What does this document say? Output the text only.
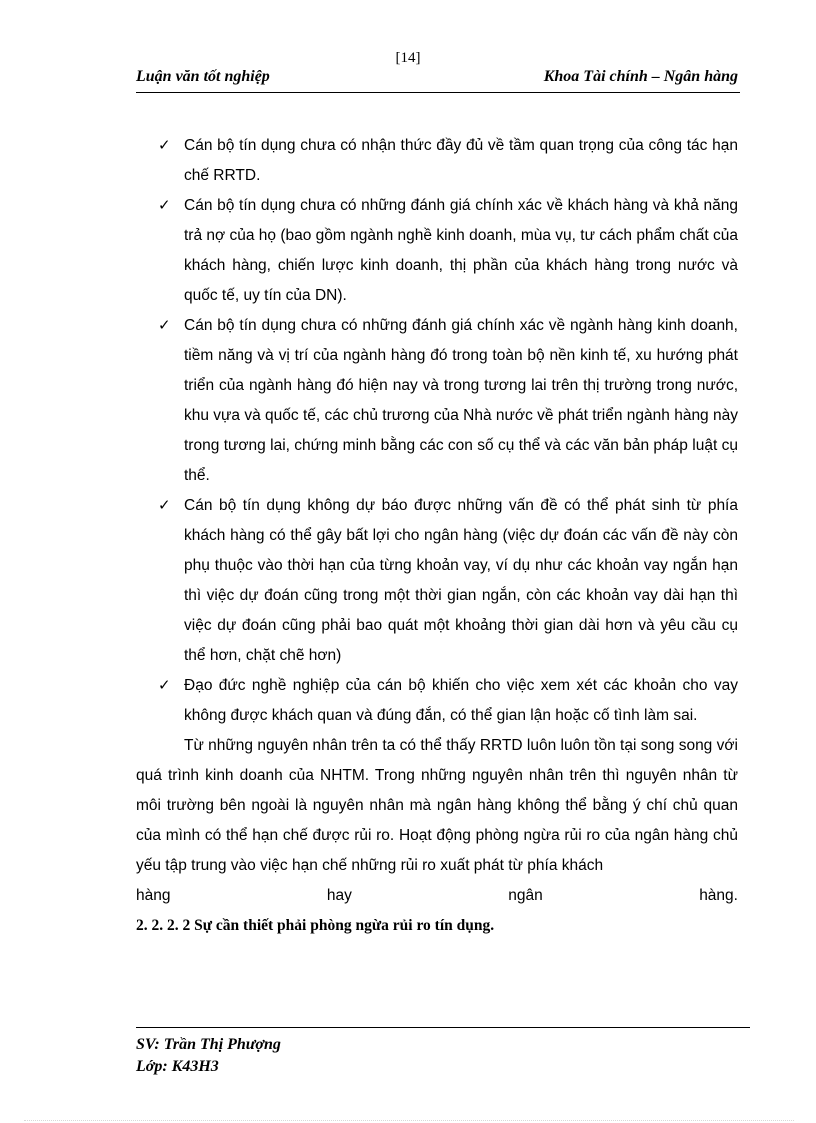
[14]
Luận văn tốt nghiệp	Khoa Tài chính – Ngân hàng
✓ Cán bộ tín dụng chưa có nhận thức đầy đủ về tầm quan trọng của công tác hạn chế RRTD.
✓ Cán bộ tín dụng chưa có những đánh giá chính xác về khách hàng và khả năng trả nợ của họ (bao gồm ngành nghề kinh doanh, mùa vụ, tư cách phẩm chất của khách hàng, chiến lược kinh doanh, thị phần của khách hàng trong nước và quốc tế, uy tín của DN).
✓ Cán bộ tín dụng chưa có những đánh giá chính xác về ngành hàng kinh doanh, tiềm năng và vị trí của ngành hàng đó trong toàn bộ nền kinh tế, xu hướng phát triển của ngành hàng đó hiện nay và trong tương lai trên thị trường trong nước, khu vựa và quốc tế, các chủ trương của Nhà nước về phát triển ngành hàng này trong tương lai, chứng minh bằng các con số cụ thể và các văn bản pháp luật cụ thể.
✓ Cán bộ tín dụng không dự báo được những vấn đề có thể phát sinh từ phía khách hàng có thể gây bất lợi cho ngân hàng (việc dự đoán các vấn đề này còn phụ thuộc vào thời hạn của từng khoản vay, ví dụ như các khoản vay ngắn hạn thì việc dự đoán cũng trong một thời gian ngắn, còn các khoản vay dài hạn thì việc dự đoán cũng phải bao quát một khoảng thời gian dài hơn và yêu cầu cụ thể hơn, chặt chẽ hơn)
✓ Đạo đức nghề nghiệp của cán bộ khiến cho việc xem xét các khoản cho vay không được khách quan và đúng đắn, có thể gian lận hoặc cố tình làm sai.
Từ những nguyên nhân trên ta có thể thấy RRTD luôn luôn tồn tại song song với quá trình kinh doanh của NHTM. Trong những nguyên nhân trên thì nguyên nhân từ môi trường bên ngoài là nguyên nhân mà ngân hàng không thể bằng ý chí chủ quan của mình có thể hạn chế được rủi ro. Hoạt động phòng ngừa rủi ro của ngân hàng chủ yếu tập trung vào việc hạn chế những rủi ro xuất phát từ phía khách
hàng	hay	ngân	hàng.
2. 2. 2. 2 Sự cần thiết phải phòng ngừa rủi ro tín dụng.
SV: Trần Thị Phượng
Lớp: K43H3
